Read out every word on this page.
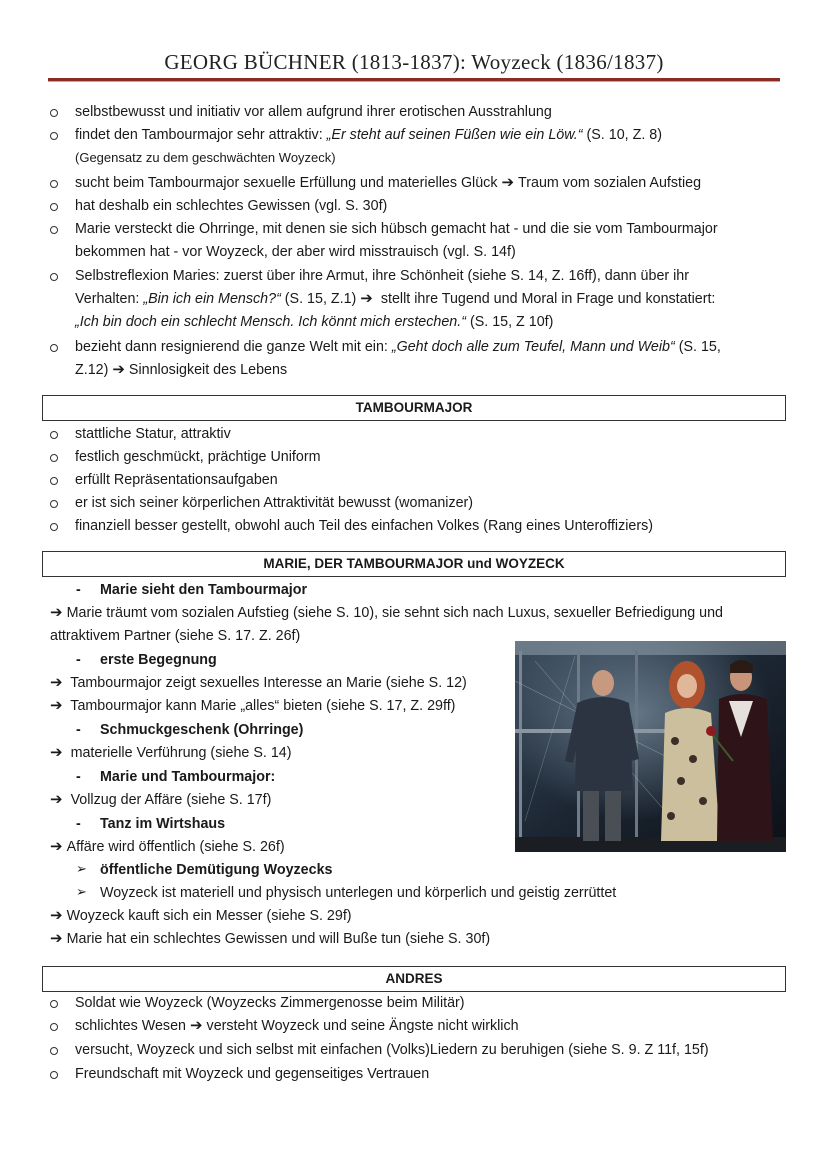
GEORG BÜCHNER (1813-1837): Woyzeck (1836/1837)
selbstbewusst und initiativ vor allem aufgrund ihrer erotischen Ausstrahlung
findet den Tambourmajor sehr attraktiv: „Er steht auf seinen Füßen wie ein Löw.“ (S. 10, Z. 8)
(Gegensatz zu dem geschwächten Woyzeck)
sucht beim Tambourmajor sexuelle Erfüllung und materielles Glück ➔ Traum vom sozialen Aufstieg
hat deshalb ein schlechtes Gewissen (vgl. S. 30f)
Marie versteckt die Ohrringe, mit denen sie sich hübsch gemacht hat - und die sie vom Tambourmajor
bekommen hat - vor Woyzeck, der aber wird misstrauisch (vgl. S. 14f)
Selbstreflexion Maries: zuerst über ihre Armut, ihre Schönheit (siehe S. 14, Z. 16ff), dann über ihr
Verhalten: „Bin ich ein Mensch?“ (S. 15, Z.1) ➔ stellt ihre Tugend und Moral in Frage und konstatiert:
„Ich bin doch ein schlecht Mensch. Ich könnt mich erstechen.“ (S. 15, Z 10f)
bezieht dann resignierend die ganze Welt mit ein: „Geht doch alle zum Teufel, Mann und Weib“ (S. 15,
Z.12) ➔ Sinnlosigkeit des Lebens
TAMBOURMAJOR
stattliche Statur, attraktiv
festlich geschmückt, prächtige Uniform
erfüllt Repräsentationsaufgaben
er ist sich seiner körperlichen Attraktivität bewusst (womanizer)
finanziell besser gestellt, obwohl auch Teil des einfachen Volkes (Rang eines Unteroffiziers)
MARIE, DER TAMBOURMAJOR und WOYZECK
- Marie sieht den Tambourmajor
➔ Marie träumt vom sozialen Aufstieg (siehe S. 10), sie sehnt sich nach Luxus, sexueller Befriedigung und
attraktivem Partner (siehe S. 17. Z. 26f)
- erste Begegnung
➔ Tambourmajor zeigt sexuelles Interesse an Marie (siehe S. 12)
➔ Tambourmajor kann Marie „alles“ bieten (siehe S. 17, Z. 29ff)
- Schmuckgeschenk (Ohrringe)
➔ materielle Verführung (siehe S. 14)
- Marie und Tambourmajor:
➔ Vollzug der Affäre (siehe S. 17f)
- Tanz im Wirtshaus
➔ Affäre wird öffentlich (siehe S. 26f)
➢ öffentliche Demütigung Woyzecks
➢ Woyzeck ist materiell und physisch unterlegen und körperlich und geistig zerrüttet
➔ Woyzeck kauft sich ein Messer (siehe S. 29f)
➔ Marie hat ein schlechtes Gewissen und will Buße tun (siehe S. 30f)
ANDRES
Soldat wie Woyzeck (Woyzecks Zimmergenosse beim Militär)
schlichtes Wesen ➔ versteht Woyzeck und seine Ängste nicht wirklich
versucht, Woyzeck und sich selbst mit einfachen (Volks)Liedern zu beruhigen (siehe S. 9. Z 11f, 15f)
Freundschaft mit Woyzeck und gegenseitiges Vertrauen
